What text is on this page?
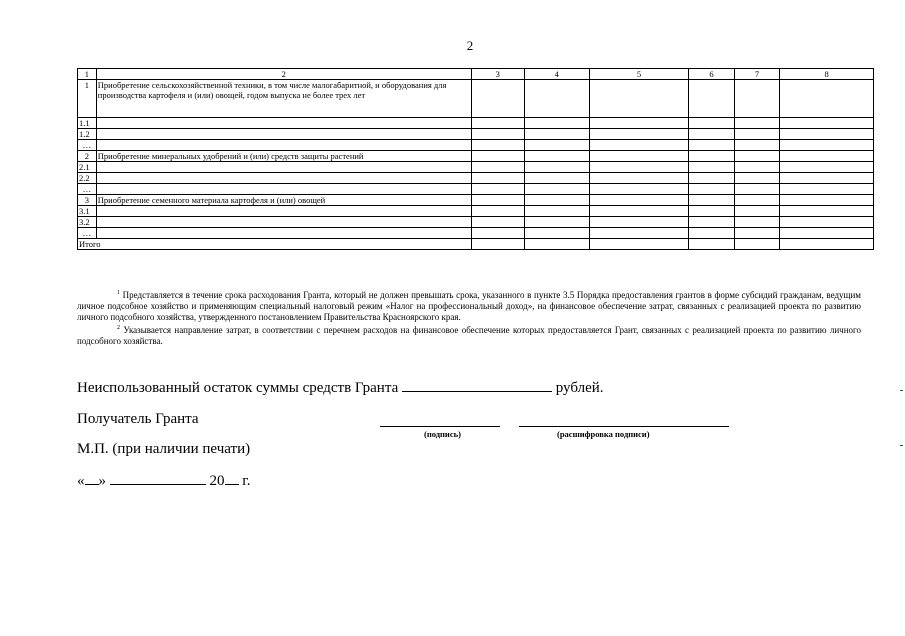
2
1	2	3	4	5	6	7	8
1	Приобретение сельскохозяйственной техники, в том числе малогабаритной, и оборудования для производства картофеля и (или) овощей, годом выпуска не более трех лет						
1.1							
1.2							
…							
2	Приобретение минеральных удобрений и (или) средств защиты растений						
2.1							
2.2							
…							
3	Приобретение семенного материала картофеля и (или) овощей						
3.1							
3.2							
…							
Итого							

$^1$ Представляется в течение срока расходования Гранта, который не должен превышать срока, указанного в пункте 3.5 Порядка предоставления грантов в форме субсидий гражданам, ведущим личное подсобное хозяйство и применяющим специальный налоговый режим «Налог на профессиональный доход», на финансовое обеспечение затрат, связанных с реализацией проекта по развитию личного подсобного хозяйства, утвержденного постановлением Правительства Красноярского края.

$^2$ Указывается направление затрат, в соответствии с перечнем расходов на финансовое обеспечение которых предоставляется Грант, связанных с реализацией проекта по развитию личного подсобного хозяйства.

Неиспользованный остаток суммы средств Гранта	рублей.
Получатель Гранта
(подпись)	(расшифровка подписи)
М.П. (при наличии печати)
« »	20 г.
